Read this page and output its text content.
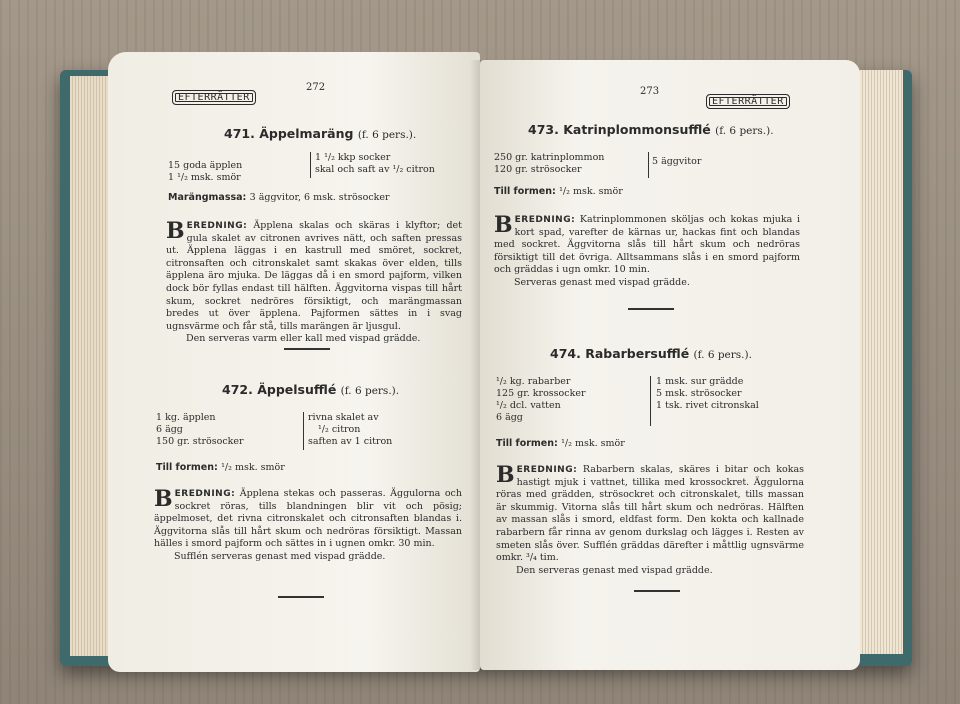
EFTERRÄTTER
272
471. Äppelmaräng (f. 6 pers.).
15 goda äpplen
1 ¹/₂ msk. smör
1 ¹/₂ kkp socker
skal och saft av ¹/₂ citron
Marängmassa: 3 äggvitor, 6 msk. strösocker
BEREDNING: Äpplena skalas och skäras i klyftor; det gula skalet av citronen avrives nätt, och saften pressas ut. Äpplena läggas i en kastrull med smöret, sockret, citronsaften och citronskalet samt skakas över elden, tills äpplena äro mjuka. De läggas då i en smord pajform, vilken dock bör fyllas endast till hälften. Äggvitorna vispas till hårt skum, sockret nedröres försiktigt, och marängmassan bredes ut över äpplena. Pajformen sättes in i svag ugnsvärme och får stå, tills marängen är ljusgul.
Den serveras varm eller kall med vispad grädde.
472. Äppelsufflé (f. 6 pers.).
1 kg. äpplen
6 ägg
150 gr. strösocker
rivna skalet av
¹/₂ citron
saften av 1 citron
Till formen: ¹/₂ msk. smör
BEREDNING: Äpplena stekas och passeras. Äggulorna och sockret röras, tills blandningen blir vit och pösig; äppelmoset, det rivna citronskalet och citronsaften blandas i. Äggvitorna slås till hårt skum och nedröras försiktigt. Massan hälles i smord pajform och sättes in i ugnen omkr. 30 min.
Sufflén serveras genast med vispad grädde.
273
EFTERRÄTTER
473. Katrinplommonsufflé (f. 6 pers.).
250 gr. katrinplommon
120 gr. strösocker
5 äggvitor
Till formen: ¹/₂ msk. smör
BEREDNING: Katrinplommonen sköljas och kokas mjuka i kort spad, varefter de kärnas ur, hackas fint och blandas med sockret. Äggvitorna slås till hårt skum och nedröras försiktigt till det övriga. Alltsammans slås i en smord pajform och gräddas i ugn omkr. 10 min.
Serveras genast med vispad grädde.
474. Rabarbersufflé (f. 6 pers.).
¹/₂ kg. rabarber
125 gr. krossocker
¹/₂ dcl. vatten
6 ägg
1 msk. sur grädde
5 msk. strösocker
1 tsk. rivet citronskal
Till formen: ¹/₂ msk. smör
BEREDNING: Rabarbern skalas, skäres i bitar och kokas hastigt mjuk i vattnet, tillika med krossockret. Äggulorna röras med grädden, strösockret och citronskalet, tills massan är skummig. Vitorna slås till hårt skum och nedröras. Hälften av massan slås i smord, eldfast form. Den kokta och kallnade rabarbern får rinna av genom durkslag och lägges i. Resten av smeten slås över. Sufflén gräddas därefter i måttlig ugnsvärme omkr. ³/₄ tim.
Den serveras genast med vispad grädde.
